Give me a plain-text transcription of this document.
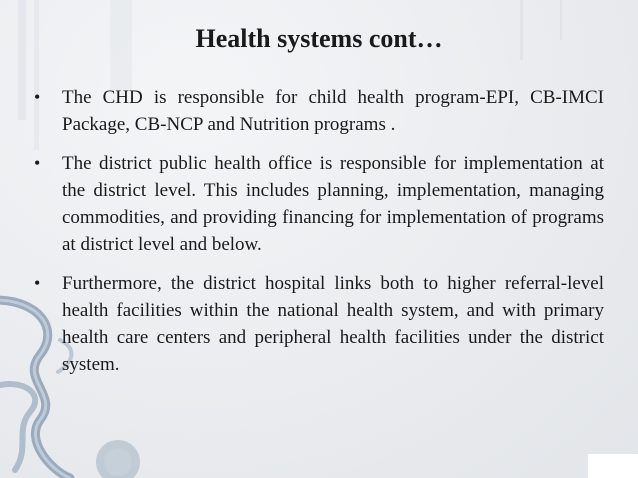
Health systems cont…
• The CHD is responsible for child health program-EPI, CB-IMCI Package, CB-NCP and Nutrition programs .
• The district public health office is responsible for implementation at the district level. This includes planning, implementation, managing commodities, and providing financing for implementation of programs at district level and below.
• Furthermore, the district hospital links both to higher referral-level health facilities within the national health system, and with primary health care centers and peripheral health facilities under the district system.
